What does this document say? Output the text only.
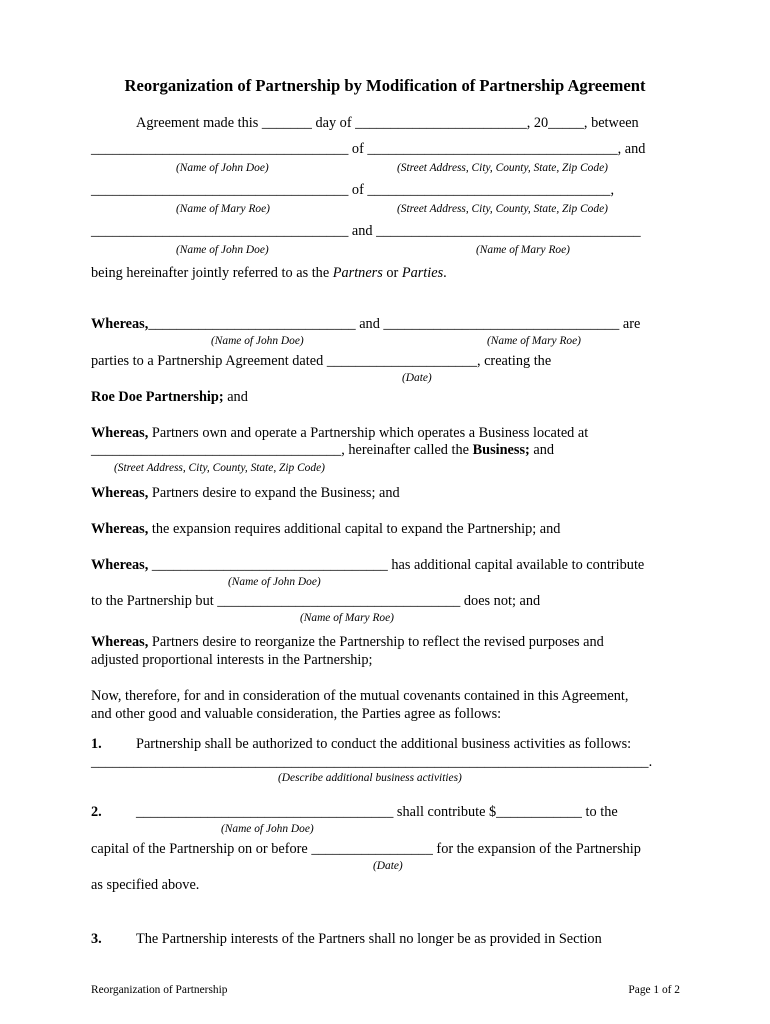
Reorganization of Partnership by Modification of Partnership Agreement
Agreement made this _______ day of ________________________, 20_____, between
____________________________________ of ___________________________________, and
(Name of John Doe)	(Street Address, City, County, State, Zip Code)
____________________________________ of __________________________________,
(Name of Mary Roe)	(Street Address, City, County, State, Zip Code)
____________________________________ and _____________________________________
(Name of John Doe)	(Name of Mary Roe)
being hereinafter jointly referred to as the Partners or Parties.
Whereas,_____________________________ and _________________________________ are
(Name of John Doe)	(Name of Mary Roe)
parties to a Partnership Agreement dated _____________________, creating the
(Date)
Roe Doe Partnership; and
Whereas, Partners own and operate a Partnership which operates a Business located at
___________________________________, hereinafter called the Business; and
(Street Address, City, County, State, Zip Code)
Whereas, Partners desire to expand the Business; and
Whereas, the expansion requires additional capital to expand the Partnership; and
Whereas, _________________________________ has additional capital available to contribute
(Name of John Doe)
to the Partnership but __________________________________ does not; and
(Name of Mary Roe)
Whereas, Partners desire to reorganize the Partnership to reflect the revised purposes and
adjusted proportional interests in the Partnership;
Now, therefore, for and in consideration of the mutual covenants contained in this Agreement,
and other good and valuable consideration, the Parties agree as follows:
1. Partnership shall be authorized to conduct the additional business activities as follows:
______________________________________________________________________________.
(Describe additional business activities)
2. ____________________________________ shall contribute $____________ to the
(Name of John Doe)
capital of the Partnership on or before _________________ for the expansion of the Partnership
(Date)
as specified above.
3. The Partnership interests of the Partners shall no longer be as provided in Section
Reorganization of Partnership	Page 1 of 2
